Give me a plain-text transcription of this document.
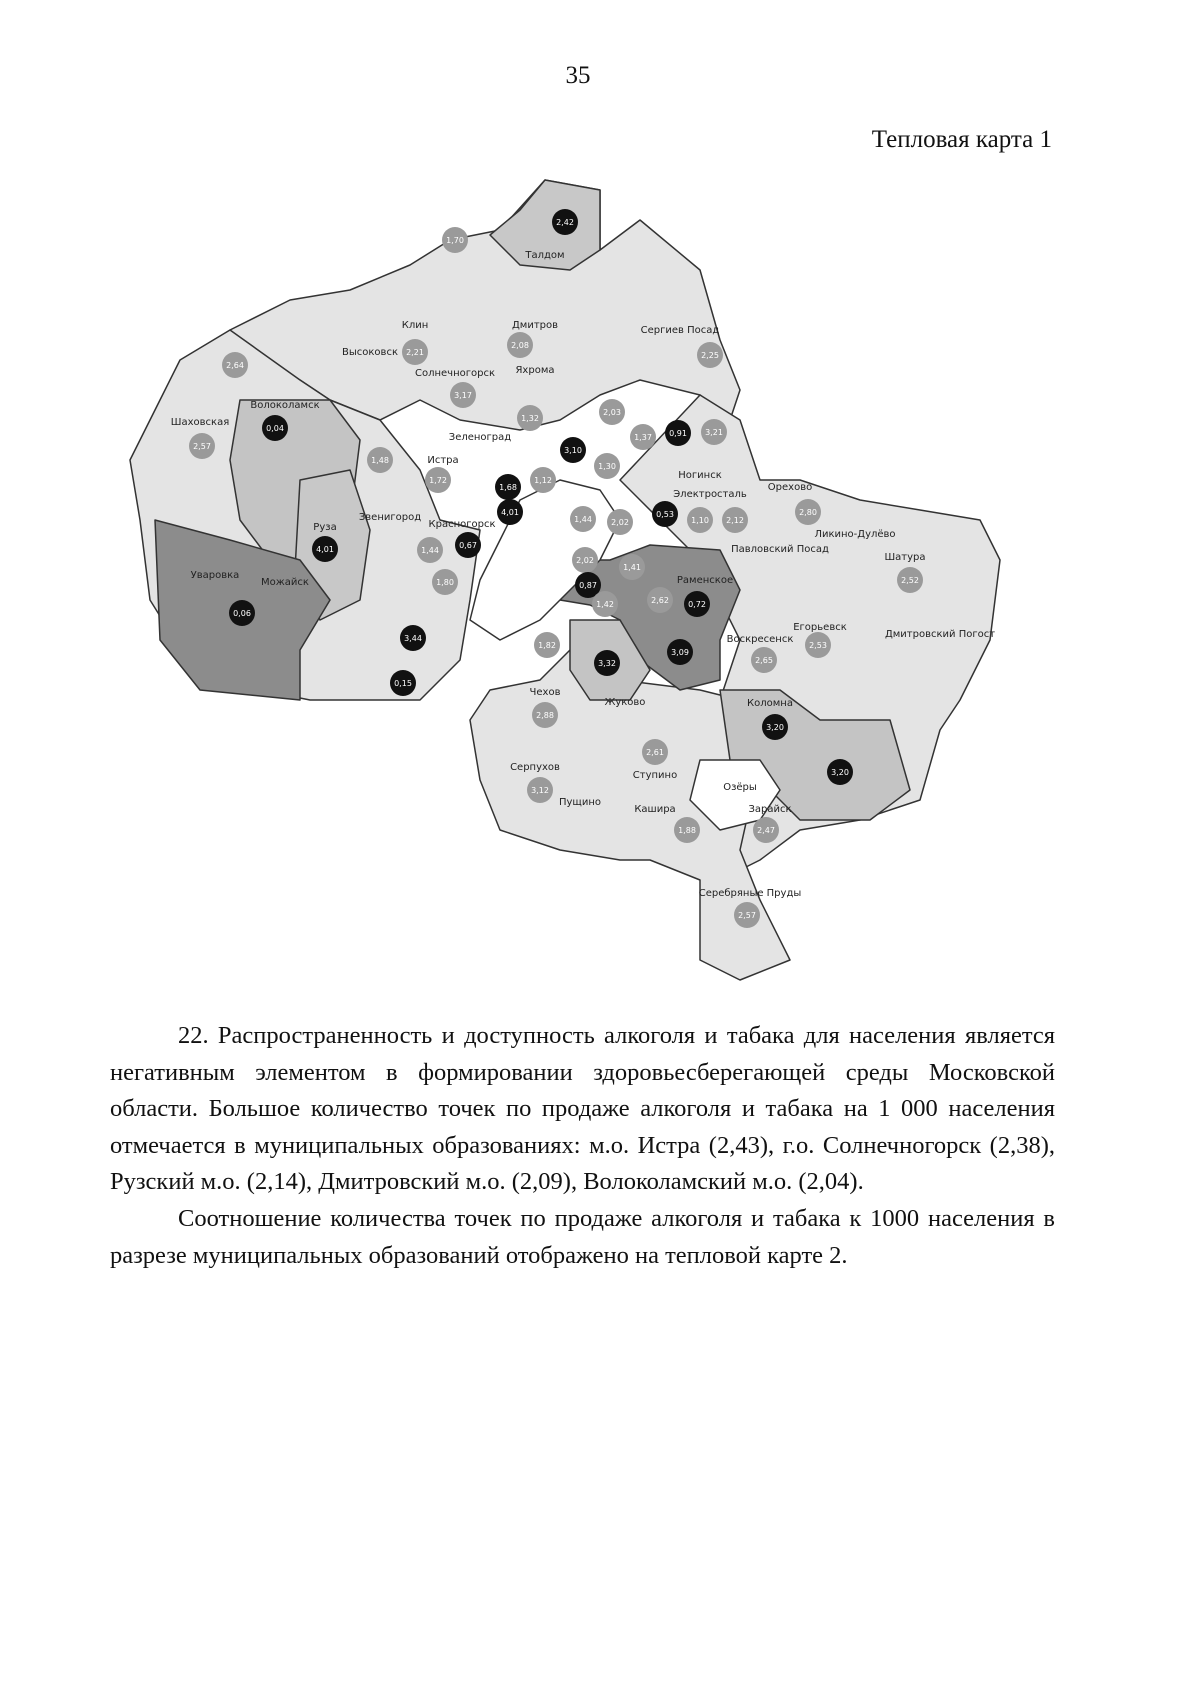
35
Тепловая карта 1
1,70
2,42
2,21
2,08
2,25
2,64
3,17
2,57
0,04
1,48
1,72
1,32
3,10
2,03
1,37 0,91 3,21
1,68
1,12
1,30
1,10
0,53
2,12
2,02
4,01
4,01
1,44
0,67
1,44
2,02
0,06
1,80	0,87
1,41
1,42	2,62 0,72
2,80
2,52
2,53
3,44
0,15
1,82
3,32
3,09
2,65
2,88
3,20
3,20
2,61
3,12
1,88	2,47
2,57
Талдом
Клин
Высоковск
Дмитров
Яхрома
Сергиев Посад
Солнечногорск
Шаховская
Волоколамск
Истра
Зеленоград
Красногорск
Звенигород
Ногинск
Электросталь
Орехово
Павловский Посад
Ликино-Дулёво
Руза
Уваровка
Можайск	Раменское
Шатура
Егорьевск
Дмитровский Погост
Воскресенск
Чехов
Жуково	Коломна
Серпухов
Пущино
Ступино
Озёры
Кашира	Зарайск
Серебряные Пруды

22. Распространенность и доступность алкоголя и табака для населения является негативным элементом в формировании здоровьесберегающей среды Московской области. Большое количество точек по продаже алкоголя и табака на 1 000 населения отмечается в муниципальных образованиях: м.о. Истра (2,43), г.о. Солнечногорск (2,38), Рузский м.о. (2,14), Дмитровский м.о. (2,09), Волоколамский м.о. (2,04).

Соотношение количества точек по продаже алкоголя и табака к 1000 населения в разрезе муниципальных образований отображено на тепловой карте 2.
